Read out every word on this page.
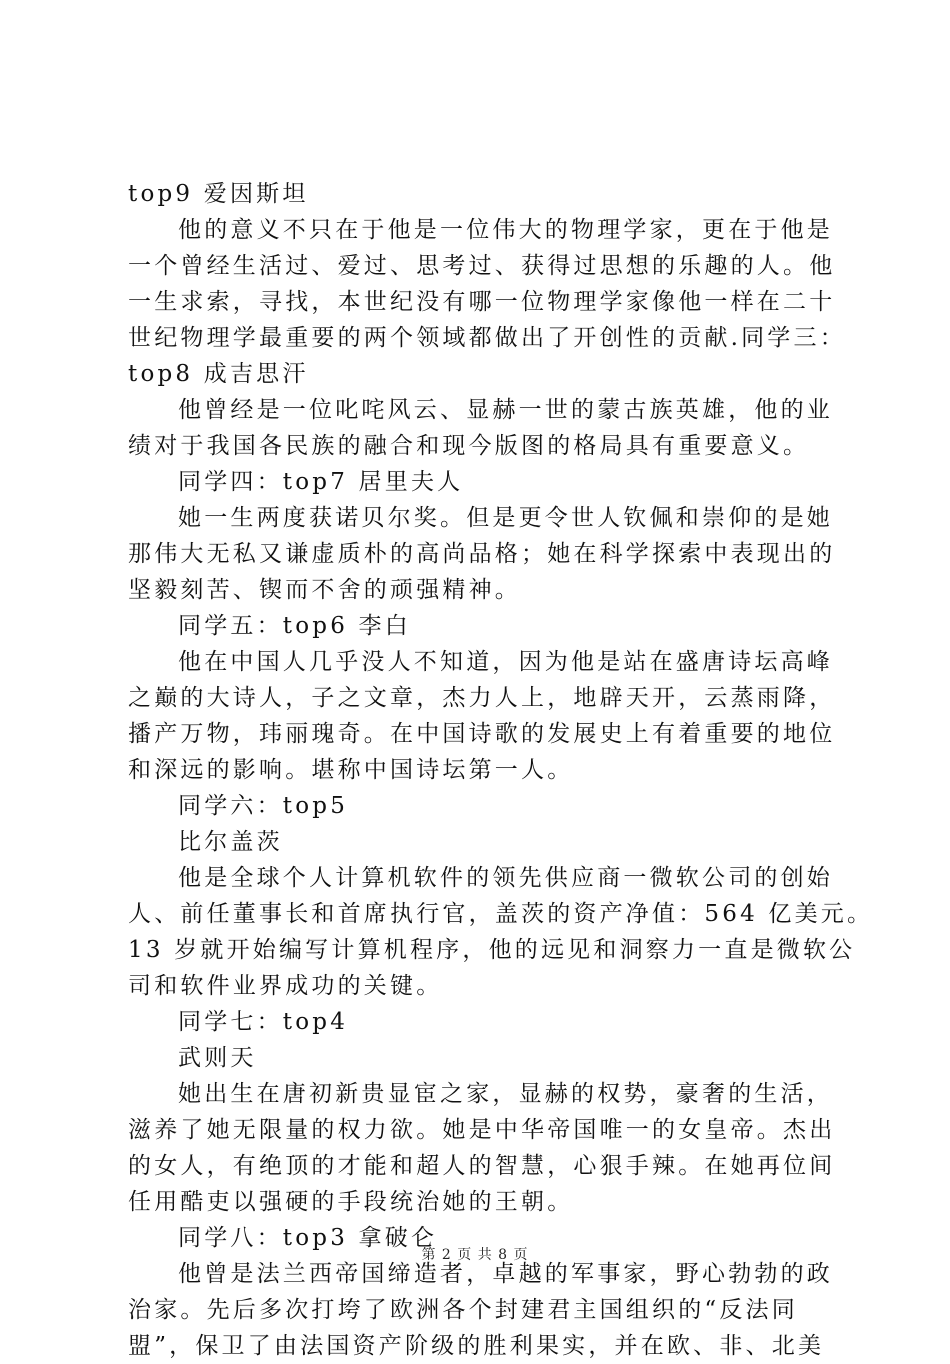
top9 爱因斯坦
他的意义不只在于他是一位伟大的物理学家，更在于他是
一个曾经生活过、爱过、思考过、获得过思想的乐趣的人。他
一生求索，寻找，本世纪没有哪一位物理学家像他一样在二十
世纪物理学最重要的两个领域都做出了开创性的贡献.同学三：
top8 成吉思汗
他曾经是一位叱咤风云、显赫一世的蒙古族英雄，他的业
绩对于我国各民族的融合和现今版图的格局具有重要意义。
同学四：top7 居里夫人
她一生两度获诺贝尔奖。但是更令世人钦佩和崇仰的是她
那伟大无私又谦虚质朴的高尚品格；她在科学探索中表现出的
坚毅刻苦、锲而不舍的顽强精神。
同学五：top6 李白
他在中国人几乎没人不知道，因为他是站在盛唐诗坛高峰
之巅的大诗人，子之文章，杰力人上，地辟天开，云蒸雨降，
播产万物，玮丽瑰奇。在中国诗歌的发展史上有着重要的地位
和深远的影响。堪称中国诗坛第一人。
同学六：top5
比尔盖茨
他是全球个人计算机软件的领先供应商一微软公司的创始
人、前任董事长和首席执行官，盖茨的资产净值：564 亿美元。
13 岁就开始编写计算机程序，他的远见和洞察力一直是微软公
司和软件业界成功的关键。
同学七：top4
武则天
她出生在唐初新贵显宦之家，显赫的权势，豪奢的生活，
滋养了她无限量的权力欲。她是中华帝国唯一的女皇帝。杰出
的女人，有绝顶的才能和超人的智慧，心狠手辣。在她再位间
任用酷吏以强硬的手段统治她的王朝。
同学八：top3 拿破仑
他曾是法兰西帝国缔造者，卓越的军事家，野心勃勃的政
治家。先后多次打垮了欧洲各个封建君主国组织的“反法同
盟”，保卫了由法国资产阶级的胜利果实，并在欧、非、北美
第 2 页 共 8 页
